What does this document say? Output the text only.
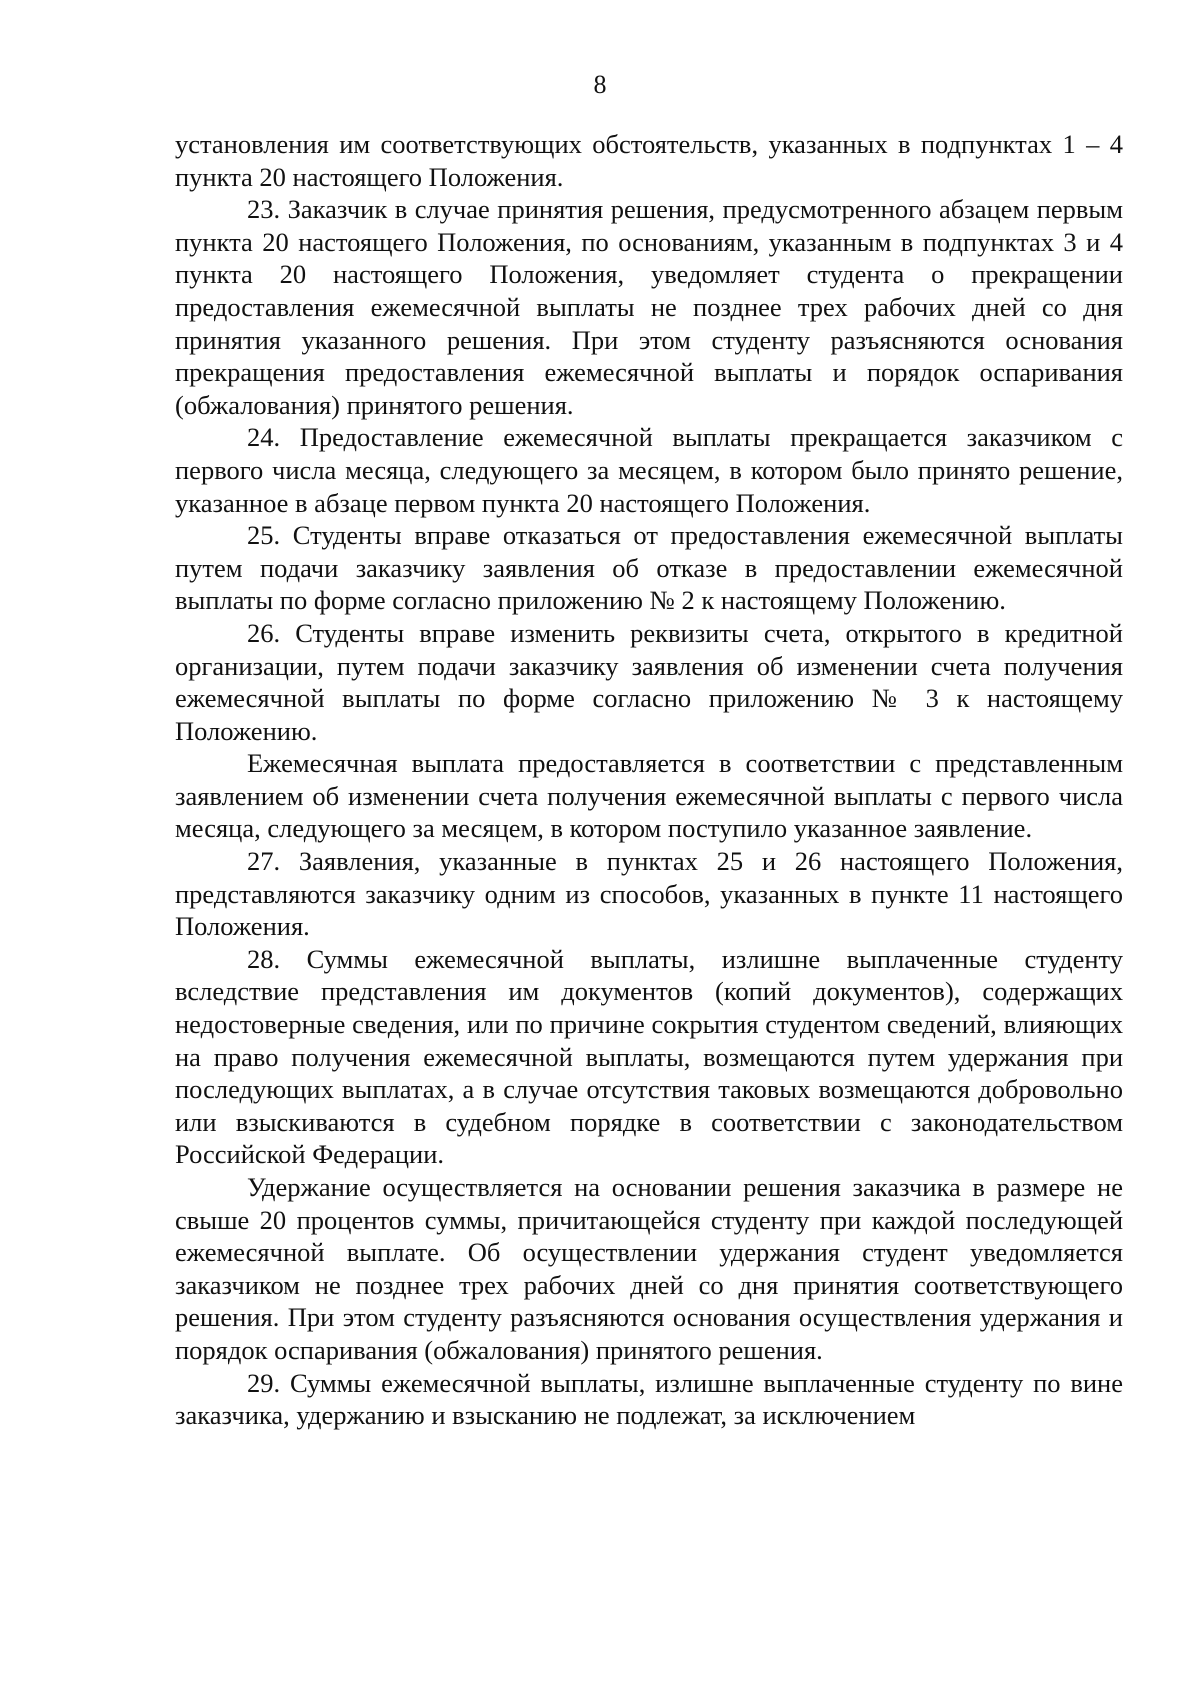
8

установления им соответствующих обстоятельств, указанных в подпунктах 1 – 4 пункта 20 настоящего Положения.

23. Заказчик в случае принятия решения, предусмотренного абзацем первым пункта 20 настоящего Положения, по основаниям, указанным в подпунктах 3 и 4 пункта 20 настоящего Положения, уведомляет студента о прекращении предоставления ежемесячной выплаты не позднее трех рабочих дней со дня принятия указанного решения. При этом студенту разъясняются основания прекращения предоставления ежемесячной выплаты и порядок оспаривания (обжалования) принятого решения.

24. Предоставление ежемесячной выплаты прекращается заказчиком с первого числа месяца, следующего за месяцем, в котором было принято решение, указанное в абзаце первом пункта 20 настоящего Положения.

25. Студенты вправе отказаться от предоставления ежемесячной выплаты путем подачи заказчику заявления об отказе в предоставлении ежемесячной выплаты по форме согласно приложению № 2 к настоящему Положению.

26. Студенты вправе изменить реквизиты счета, открытого в кредитной организации, путем подачи заказчику заявления об изменении счета получения ежемесячной выплаты по форме согласно приложению № 3 к настоящему Положению.

Ежемесячная выплата предоставляется в соответствии с представленным заявлением об изменении счета получения ежемесячной выплаты с первого числа месяца, следующего за месяцем, в котором поступило указанное заявление.

27. Заявления, указанные в пунктах 25 и 26 настоящего Положения, представляются заказчику одним из способов, указанных в пункте 11 настоящего Положения.

28. Суммы ежемесячной выплаты, излишне выплаченные студенту вследствие представления им документов (копий документов), содержащих недостоверные сведения, или по причине сокрытия студентом сведений, влияющих на право получения ежемесячной выплаты, возмещаются путем удержания при последующих выплатах, а в случае отсутствия таковых возмещаются добровольно или взыскиваются в судебном порядке в соответствии с законодательством Российской Федерации.

Удержание осуществляется на основании решения заказчика в размере не свыше 20 процентов суммы, причитающейся студенту при каждой последующей ежемесячной выплате. Об осуществлении удержания студент уведомляется заказчиком не позднее трех рабочих дней со дня принятия соответствующего решения. При этом студенту разъясняются основания осуществления удержания и порядок оспаривания (обжалования) принятого решения.

29. Суммы ежемесячной выплаты, излишне выплаченные студенту по вине заказчика, удержанию и взысканию не подлежат, за исключением
